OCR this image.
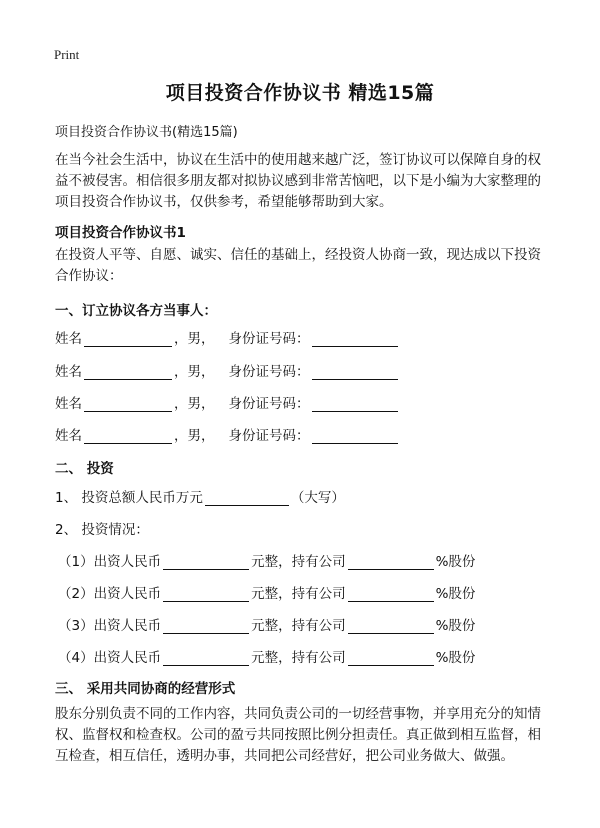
Print
项目投资合作协议书 精选15篇
项目投资合作协议书(精选15篇)

在当今社会生活中，协议在生活中的使用越来越广泛，签订协议可以保障自身的权益不被侵害。相信很多朋友都对拟协议感到非常苦恼吧，以下是小编为大家整理的项目投资合作协议书，仅供参考，希望能够帮助到大家。

项目投资合作协议书1

在投资人平等、自愿、诚实、信任的基础上，经投资人协商一致，现达成以下投资合作协议：

一、订立协议各方当事人：
姓名	，男， 身份证号码：
姓名	，男， 身份证号码：
姓名	，男， 身份证号码：
姓名	，男， 身份证号码：
二、 投资
1、 投资总额人民币万元	（大写）
2、 投资情况：
（1） 出资人民币	元整，持有公司	%股份
（2） 出资人民币	元整，持有公司	%股份
（3） 出资人民币	元整，持有公司	%股份
（4） 出资人民币	元整，持有公司	%股份
三、 采用共同协商的经营形式

股东分别负责不同的工作内容，共同负责公司的一切经营事物，并享用充分的知情权、监督权和检查权。公司的盈亏共同按照比例分担责任。真正做到相互监督，相互检查，相互信任，透明办事，共同把公司经营好，把公司业务做大、做强。
